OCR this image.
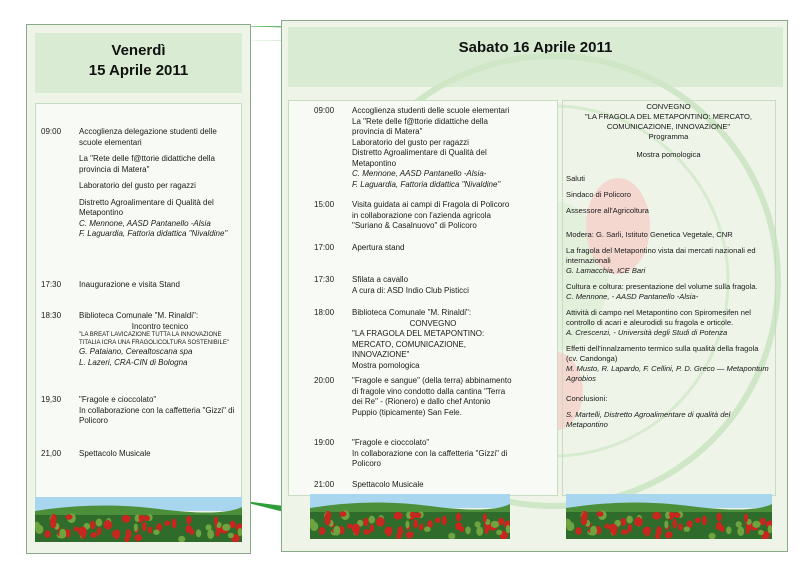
Venerdì
15 Aprile 2011
09:00	Accoglienza delegazione studenti delle scuole elementari

La "Rete delle f@ttorie didattiche della provincia di Matera"

Laboratorio del gusto per ragazzi

Distretto Agroalimentare di Qualità del Metapontino

C. Mennone, AASD Pantanello -Alsia

F. Laguardia, Fattoria didattica "Nivaldine"

17:30	Inaugurazione e visita Stand

18:30	Biblioteca Comunale "M. Rinaldi":

Incontro tecnico

"LA BREAT LAVICAZIONE TUTTA LA INNOVAZIONE TITALIA ICRA UNA FRAGOLICOLTURA SOSTENIBILE"

G. Pataiano, Cerealtoscana spa

L. Lazeri, CRA-CIN di Bologna

19,30	"Fragole e cioccolato"

In collaborazione con la caffetteria "Gizzi" di Policoro

21,00	Spettacolo Musicale

Sabato 16 Aprile 2011
09:00	Accoglienza studenti delle scuole elementari

La "Rete delle f@ttorie didattiche della provincia di Matera"

Laboratorio del gusto per ragazzi

Distretto Agroalimentare di Qualità del Metapontino

C. Mennone, AASD Pantanello -Alsia-

F. Laguardia, Fattoria didattica "Nivaldine"

15:00	Visita guidata ai campi di Fragola di Policoro in collaborazione con l'azienda agricola "Suriano & Casalnuovo" di Policoro

17:00	Apertura stand

17:30	Sfilata a cavallo

A cura di: ASD Indio Club Pisticci

18:00	Biblioteca Comunale "M. Rinaldi":

CONVEGNO

"LA FRAGOLA DEL METAPONTINO: MERCATO, COMUNICAZIONE, INNOVAZIONE"

Mostra pomologica

20:00	"Fragole e sangue" (della terra) abbinamento di fragole vino condotto dalla cantina "Terra dei Re" - (Rionero) e dallo chef Antonio Puppio (tipicamente) San Fele.

19:00	"Fragole e cioccolato"

In collaborazione con la caffetteria "Gizzi" di Policoro

21:00	Spettacolo Musicale

CONVEGNO

"LA FRAGOLA DEL METAPONTINO: MERCATO, COMUNICAZIONE, INNOVAZIONE"

Programma

Mostra pomologica

Saluti

Sindaco di Policoro

Assessore all'Agricoltura

Modera: G. Sarli, Istituto Genetica Vegetale, CNR

La fragola del Metapontino vista dai mercati nazionali ed internazionali

G. Lamacchia, ICE Bari

Cultura e coltura: presentazione del volume sulla fragola.

C. Mennone, - AASD Pantanello -Alsia-

Attività di campo nel Metapontino con Spiromesifen nel controllo di acari e aleurodidi su fragola e orticole.

A. Crescenzi, - Università degli Studi di Potenza

Effetti dell'innalzamento termico sulla qualità della fragola (cv. Candonga)

M. Musto, R. Lapardo, F. Cellini, P. D. Greco — Metapontum Agrobios

Conclusioni:

S. Martelli, Distretto Agroalimentare di qualità del Metapontino
